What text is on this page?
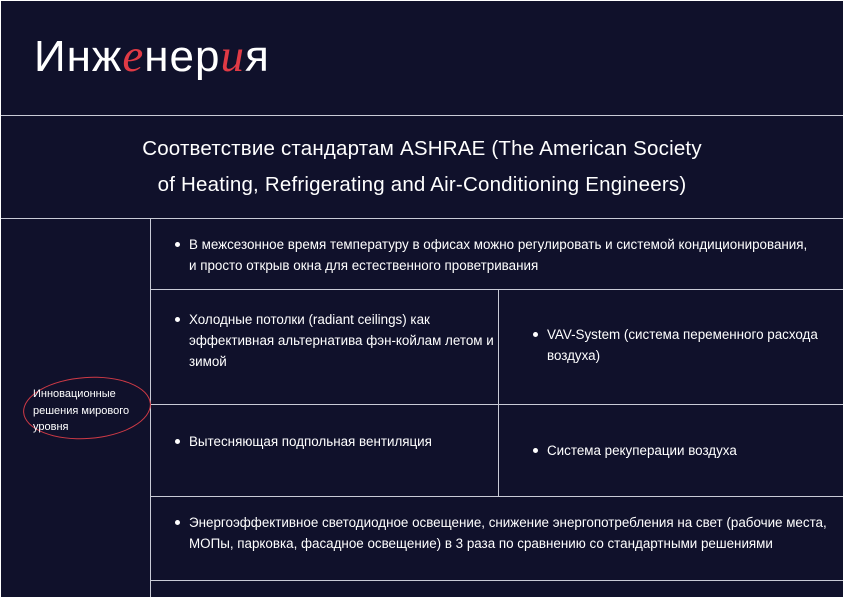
Инженерия
Соответствие стандартам ASHRAE (The American Society
of Heating, Refrigerating and Air-Conditioning Engineers)
Инновационные решения мирового уровня
В межсезонное время температуру в офисах можно регулировать и системой кондиционирования, и просто открыв окна для естественного проветривания
Холодные потолки (radiant ceilings) как эффективная альтернатива фэн-койлам летом и зимой
VAV-System (система переменного расхода воздуха)
Вытесняющая подпольная вентиляция
Система рекуперации воздуха
Энергоэффективное светодиодное освещение, снижение энергопотребления на свет (рабочие места, МОПы, парковка, фасадное освещение) в 3 раза по сравнению со стандартными решениями
